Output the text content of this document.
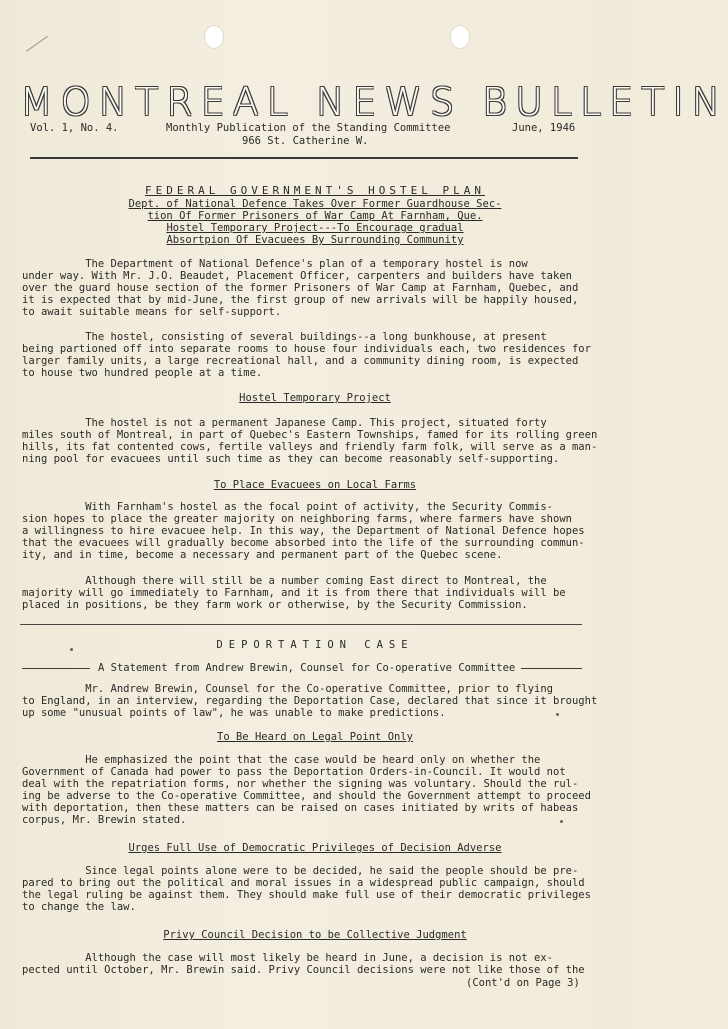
MONTREAL NEWS BULLETIN
Vol. 1, No. 4.	Monthly Publication of the Standing Committee	June, 1946
966 St. Catherine W.
FEDERAL GOVERNMENT'S HOSTEL PLAN
Dept. of National Defence Takes Over Former Guardhouse Sec-
tion Of Former Prisoners of War Camp At Farnham, Que.
Hostel Temporary Project---To Encourage gradual
Absortpion Of Evacuees By Surrounding Community
The Department of National Defence's plan of a temporary hostel is now
under way. With Mr. J.O. Beaudet, Placement Officer, carpenters and builders have taken
over the guard house section of the former Prisoners of War Camp at Farnham, Quebec, and
it is expected that by mid-June, the first group of new arrivals will be happily housed,
to await suitable means for self-support.
The hostel, consisting of several buildings--a long bunkhouse, at present
being partioned off into separate rooms to house four individuals each, two residences for
larger family units, a large recreational hall, and a community dining room, is expected
to house two hundred people at a time.
Hostel Temporary Project
The hostel is not a permanent Japanese Camp. This project, situated forty
miles south of Montreal, in part of Quebec's Eastern Townships, famed for its rolling green
hills, its fat contented cows, fertile valleys and friendly farm folk, will serve as a man-
ning pool for evacuees until such time as they can become reasonably self-supporting.
To Place Evacuees on Local Farms
With Farnham's hostel as the focal point of activity, the Security Commis-
sion hopes to place the greater majority on neighboring farms, where farmers have shown
a willingness to hire evacuee help. In this way, the Department of National Defence hopes
that the evacuees will gradually become absorbed into the life of the surrounding commun-
ity, and in time, become a necessary and permanent part of the Quebec scene.
Although there will still be a number coming East direct to Montreal, the
majority will go immediately to Farnham, and it is from there that individuals will be
placed in positions, be they farm work or otherwise, by the Security Commission.
DEPORTATION CASE
A Statement from Andrew Brewin, Counsel for Co-operative Committee
Mr. Andrew Brewin, Counsel for the Co-operative Committee, prior to flying
to England, in an interview, regarding the Deportation Case, declared that since it brought
up some "unusual points of law", he was unable to make predictions.
To Be Heard on Legal Point Only
He emphasized the point that the case would be heard only on whether the
Government of Canada had power to pass the Deportation Orders-in-Council. It would not
deal with the repatriation forms, nor whether the signing was voluntary. Should the rul-
ing be adverse to the Co-operative Committee, and should the Government attempt to proceed
with deportation, then these matters can be raised on cases initiated by writs of habeas
corpus, Mr. Brewin stated.
Urges Full Use of Democratic Privileges of Decision Adverse
Since legal points alone were to be decided, he said the people should be pre-
pared to bring out the political and moral issues in a widespread public campaign, should
the legal ruling be against them. They should make full use of their democratic privileges
to change the law.
Privy Council Decision to be Collective Judgment
Although the case will most likely be heard in June, a decision is not ex-
pected until October, Mr. Brewin said. Privy Council decisions were not like those of the
(Cont'd on Page 3)
